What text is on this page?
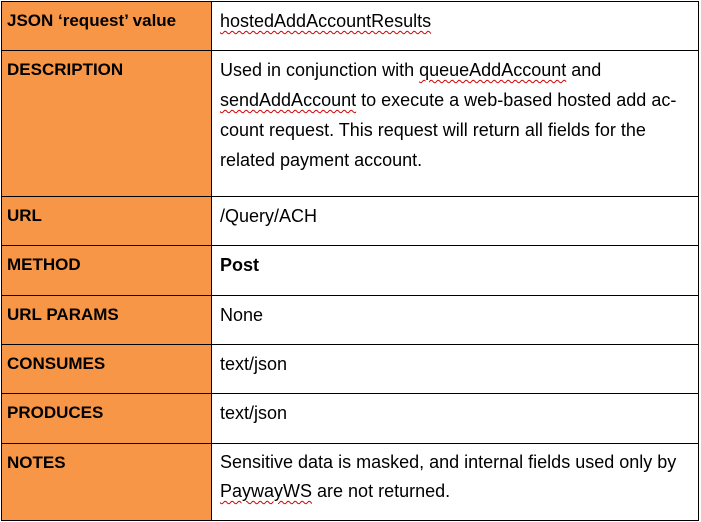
JSON ‘request’ value	hostedAddAccountResults
DESCRIPTION	Used in conjunction with queueAddAccount and
sendAddAccount to execute a web-based hosted add ac-
count request. This request will return all fields for the
related payment account.

URL	/Query/ACH
METHOD	Post
URL PARAMS	None
CONSUMES	text/json
PRODUCES	text/json
NOTES	Sensitive data is masked, and internal fields used only by
PaywayWS are not returned.
